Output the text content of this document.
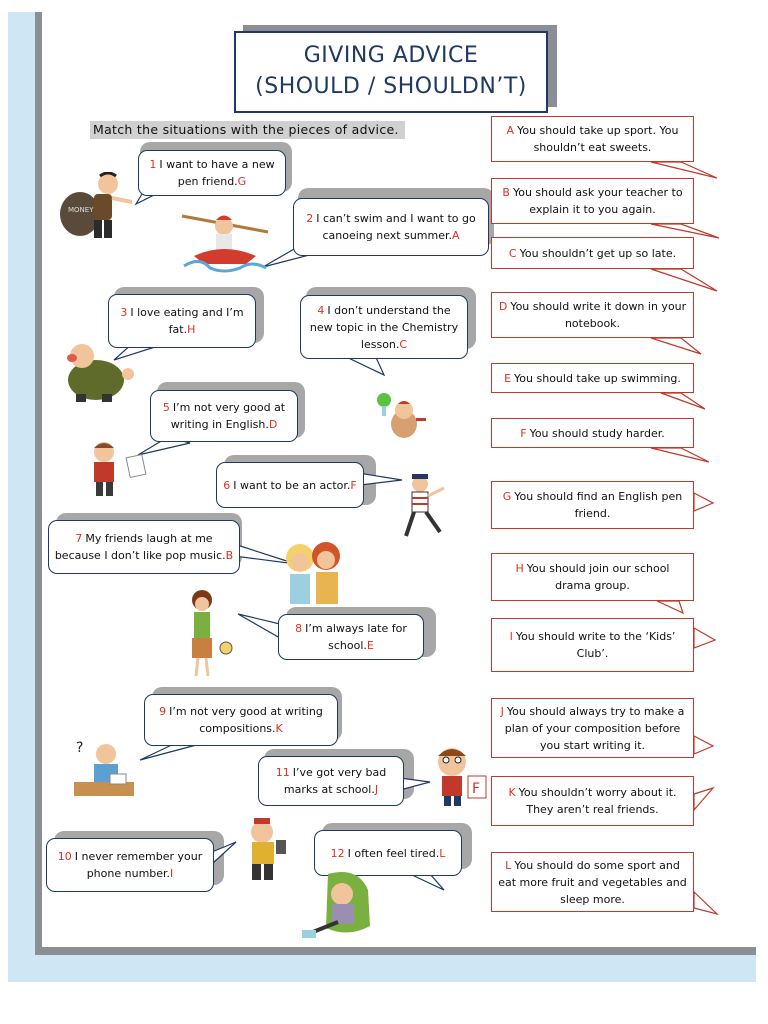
GIVING ADVICE
(SHOULD / SHOULDN’T)
Match the situations with the pieces of advice.
1 I want to have a new pen friend.G
2 I can’t swim and I want to go canoeing next summer.A
3 I love eating and I’m fat.H
4 I don’t understand the new topic in the Chemistry lesson.C
5 I’m not very good at writing in English.D
6 I want to be an actor.F
7 My friends laugh at me because I don’t like pop music.B
8 I’m always late for school.E
9 I’m not very good at writing compositions.K
11 I’ve got very bad marks at school.J
10 I never remember your phone number.I
12 I often feel tired.L
A You should take up sport. You shouldn’t eat sweets.
B You should ask your teacher to explain it to you again.
C You shouldn’t get up so late.
D You should write it down in your notebook.
E You should take up swimming.
F You should study harder.
G You should find an English pen friend.
H You should join our school drama group.
I You should write to the ‘Kids’ Club’.
J You should always try to make a plan of your composition before you start writing it.
K You shouldn’t worry about it. They aren’t real friends.
L You should do some sport and eat more fruit and vegetables and sleep more.
MONEY
?
F
